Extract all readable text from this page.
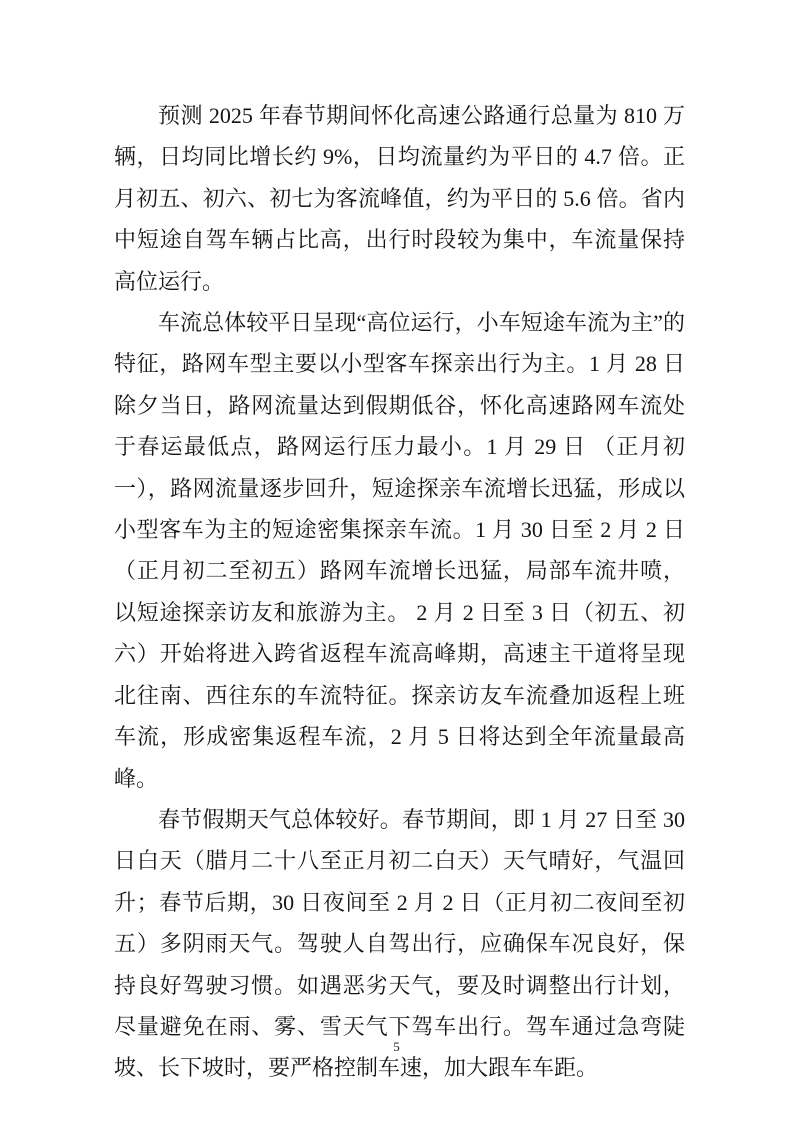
预测 2025 年春节期间怀化高速公路通行总量为 810 万辆，日均同比增长约 9%，日均流量约为平日的 4.7 倍。正月初五、初六、初七为客流峰值，约为平日的 5.6 倍。省内中短途自驾车辆占比高，出行时段较为集中，车流量保持高位运行。

车流总体较平日呈现“高位运行，小车短途车流为主”的特征，路网车型主要以小型客车探亲出行为主。1 月 28 日除夕当日，路网流量达到假期低谷，怀化高速路网车流处于春运最低点，路网运行压力最小。1 月 29 日 （正月初一），路网流量逐步回升，短途探亲车流增长迅猛，形成以小型客车为主的短途密集探亲车流。1 月 30 日至 2 月 2 日（正月初二至初五）路网车流增长迅猛，局部车流井喷，以短途探亲访友和旅游为主。 2 月 2 日至 3 日（初五、初六）开始将进入跨省返程车流高峰期，高速主干道将呈现北往南、西往东的车流特征。探亲访友车流叠加返程上班车流，形成密集返程车流，2 月 5 日将达到全年流量最高峰。

春节假期天气总体较好。春节期间，即 1 月 27 日至 30 日白天（腊月二十八至正月初二白天）天气晴好，气温回升；春节后期，30 日夜间至 2 月 2 日（正月初二夜间至初五）多阴雨天气。驾驶人自驾出行，应确保车况良好，保持良好驾驶习惯。如遇恶劣天气，要及时调整出行计划，尽量避免在雨、雾、雪天气下驾车出行。驾车通过急弯陡坡、长下坡时，要严格控制车速，加大跟车车距。

5
